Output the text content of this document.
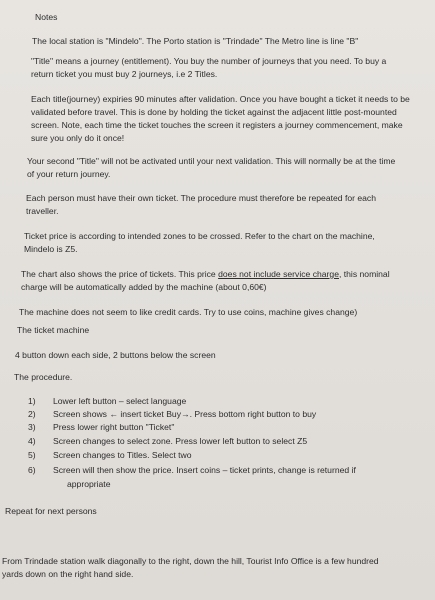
Notes

The local station is "Mindelo". The Porto station is "Trindade" The Metro line is line "B"

"Title" means a journey (entitlement). You buy the number of journeys that you need. To buy a

return ticket you must buy 2 journeys, i.e 2 Titles.

Each title(journey) expiries 90 minutes after validation. Once you have bought a ticket it needs to be

validated before travel. This is done by holding the ticket against the adjacent little post-mounted

screen. Note, each time the ticket touches the screen it registers a journey commencement, make

sure you only do it once!

Your second "Title" will not be activated until your next validation. This will normally be at the time

of your return journey.

Each person must have their own ticket. The procedure must therefore be repeated for each

traveller.

Ticket price is according to intended zones to be crossed. Refer to the chart on the machine,

Mindelo is Z5.

The chart also shows the price of tickets. This price does not include service charge, this nominal

charge will be automatically added by the machine (about 0,60€)

The machine does not seem to like credit cards. Try to use coins, machine gives change)

The ticket machine

4 button down each side, 2 buttons below the screen

The procedure.

1)	Lower left button – select language
2)	Screen shows ← insert ticket Buy→. Press bottom right button to buy
3)	Press lower right button "Ticket"
4)	Screen changes to select zone. Press lower left button to select Z5
5)	Screen changes to Titles. Select two
6)	Screen will then show the price. Insert coins – ticket prints, change is returned if
appropriate

Repeat for next persons

From Trindade station walk diagonally to the right, down the hill, Tourist Info Office is a few hundred

yards down on the right hand side.
